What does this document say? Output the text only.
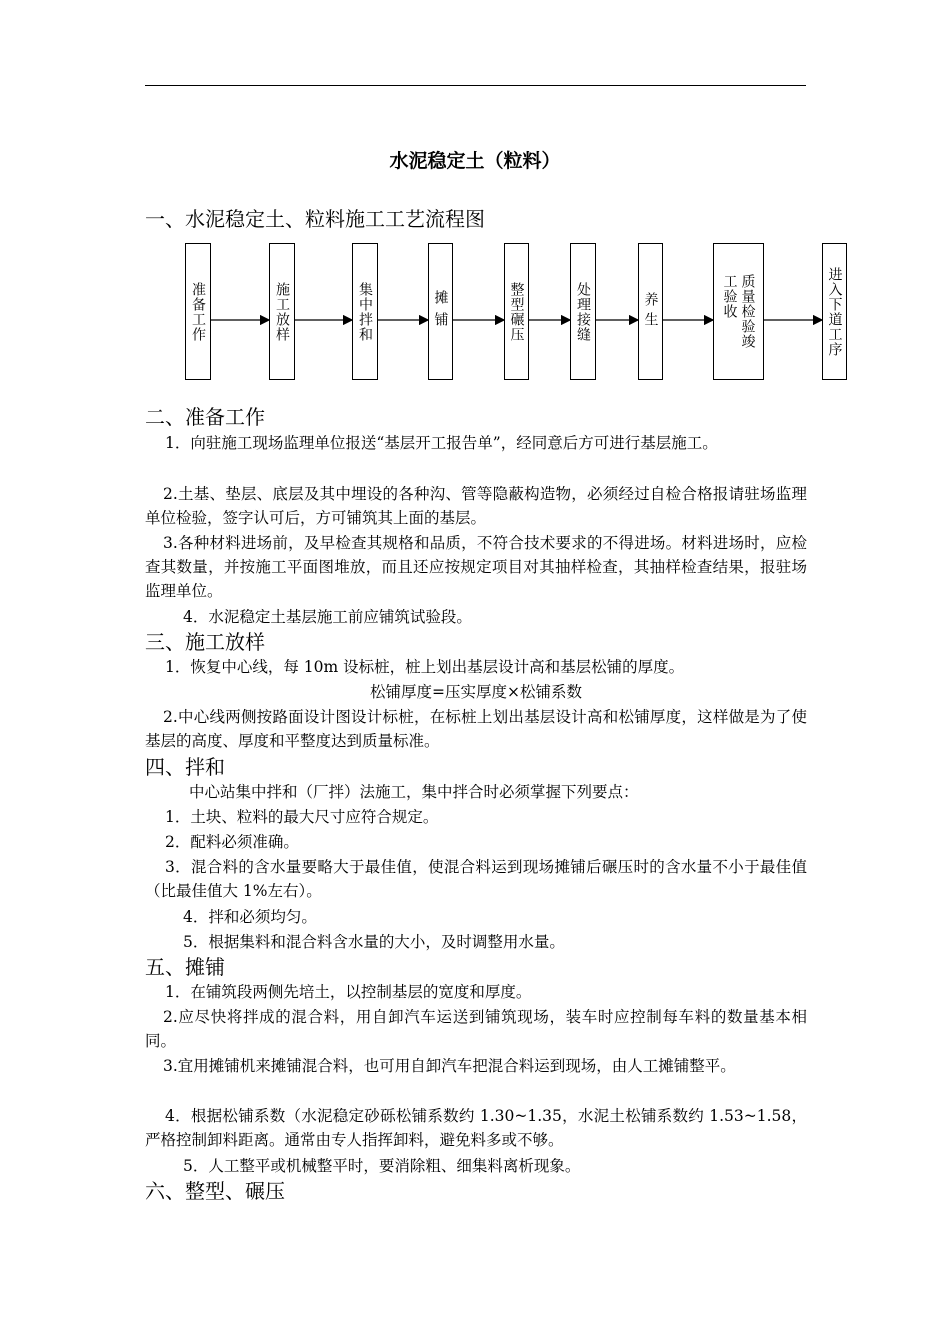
水泥稳定土（粒料）
一、水泥稳定土、粒料施工工艺流程图
准备工作	施工放样	集中拌和	摊铺	整型碾压	处理接缝	养生	质量检验竣工验收	进入下道工序
二、准备工作

1．向驻施工现场监理单位报送“基层开工报告单”，经同意后方可进行基层施工。

2.土基、垫层、底层及其中埋设的各种沟、管等隐蔽构造物，必须经过自检合格报请驻场监理单位检验，签字认可后，方可铺筑其上面的基层。

3.各种材料进场前，及早检查其规格和品质，不符合技术要求的不得进场。材料进场时，应检查其数量，并按施工平面图堆放，而且还应按规定项目对其抽样检查，其抽样检查结果，报驻场监理单位。

4．水泥稳定土基层施工前应铺筑试验段。

三、施工放样

1．恢复中心线，每 10m 设标桩，桩上划出基层设计高和基层松铺的厚度。

松铺厚度=压实厚度×松铺系数

2.中心线两侧按路面设计图设计标桩，在标桩上划出基层设计高和松铺厚度，这样做是为了使基层的高度、厚度和平整度达到质量标准。

四、拌和

中心站集中拌和（厂拌）法施工，集中拌合时必须掌握下列要点：

1．土块、粒料的最大尺寸应符合规定。

2．配料必须准确。

3．混合料的含水量要略大于最佳值，使混合料运到现场摊铺后碾压时的含水量不小于最佳值（比最佳值大 1%左右）。

4．拌和必须均匀。

5．根据集料和混合料含水量的大小，及时调整用水量。

五、摊铺

1．在铺筑段两侧先培土，以控制基层的宽度和厚度。

2.应尽快将拌成的混合料，用自卸汽车运送到铺筑现场，装车时应控制每车料的数量基本相同。

3.宜用摊铺机来摊铺混合料，也可用自卸汽车把混合料运到现场，由人工摊铺整平。

4．根据松铺系数（水泥稳定砂砾松铺系数约 1.30~1.35，水泥土松铺系数约 1.53~1.58，严格控制卸料距离。通常由专人指挥卸料，避免料多或不够。

5．人工整平或机械整平时，要消除粗、细集料离析现象。

六、整型、碾压
